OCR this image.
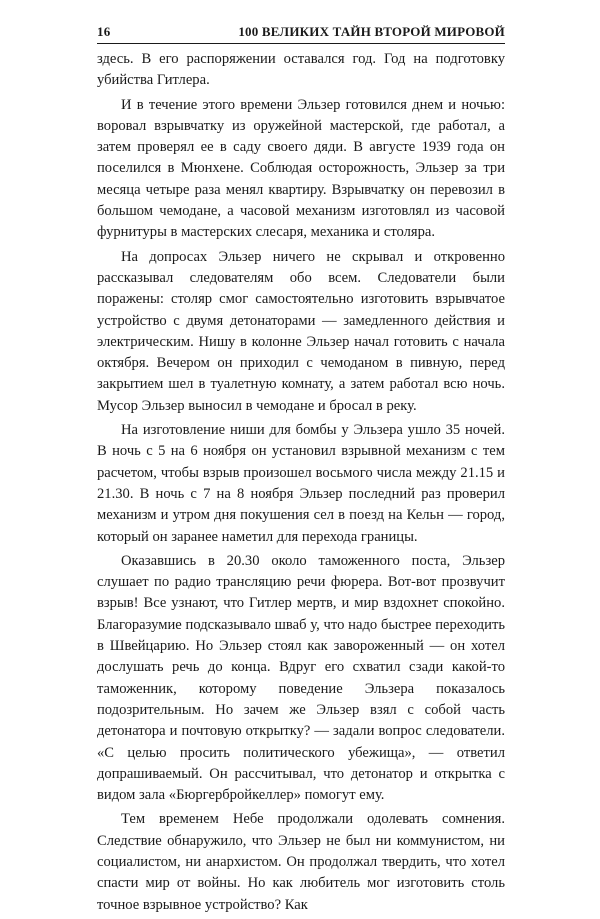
16	100 ВЕЛИКИХ ТАЙН ВТОРОЙ МИРОВОЙ

здесь. В его распоряжении оставался год. Год на подготовку убийства Гитлера.

И в течение этого времени Эльзер готовился днем и ночью: воровал взрывчатку из оружейной мастерской, где работал, а затем проверял ее в саду своего дяди. В августе 1939 года он поселился в Мюнхене. Соблюдая осторожность, Эльзер за три месяца четыре раза менял квартиру. Взрывчатку он перевозил в большом чемодане, а часовой механизм изготовлял из часовой фурнитуры в мастерских слесаря, механика и столяра.

На допросах Эльзер ничего не скрывал и откровенно рассказывал следователям обо всем. Следователи были поражены: столяр смог самостоятельно изготовить взрывчатое устройство с двумя детонаторами — замедленного действия и электрическим. Нишу в колонне Эльзер начал готовить с начала октября. Вечером он приходил с чемоданом в пивную, перед закрытием шел в туалетную комнату, а затем работал всю ночь. Мусор Эльзер выносил в чемодане и бросал в реку.

На изготовление ниши для бомбы у Эльзера ушло 35 ночей. В ночь с 5 на 6 ноября он установил взрывной механизм с тем расчетом, чтобы взрыв произошел восьмого числа между 21.15 и 21.30. В ночь с 7 на 8 ноября Эльзер последний раз проверил механизм и утром дня покушения сел в поезд на Кельн — город, который он заранее наметил для перехода границы.

Оказавшись в 20.30 около таможенного поста, Эльзер слушает по радио трансляцию речи фюрера. Вот-вот прозвучит взрыв! Все узнают, что Гитлер мертв, и мир вздохнет спокойно. Благоразумие подсказывало шваб у, что надо быстрее переходить в Швейцарию. Но Эльзер стоял как завороженный — он хотел дослушать речь до конца. Вдруг его схватил сзади какой-то таможенник, которому поведение Эльзера показалось подозрительным. Но зачем же Эльзер взял с собой часть детонатора и почтовую открытку? — задали вопрос следователи. «С целью просить политического убежища», — ответил допрашиваемый. Он рассчитывал, что детонатор и открытка с видом зала «Бюргербройкеллер» помогут ему.

Тем временем Небе продолжали одолевать сомнения. Следствие обнаружило, что Эльзер не был ни коммунистом, ни социалистом, ни анархистом. Он продолжал твердить, что хотел спасти мир от войны. Но как любитель мог изготовить столь точное взрывное устройство? Как
